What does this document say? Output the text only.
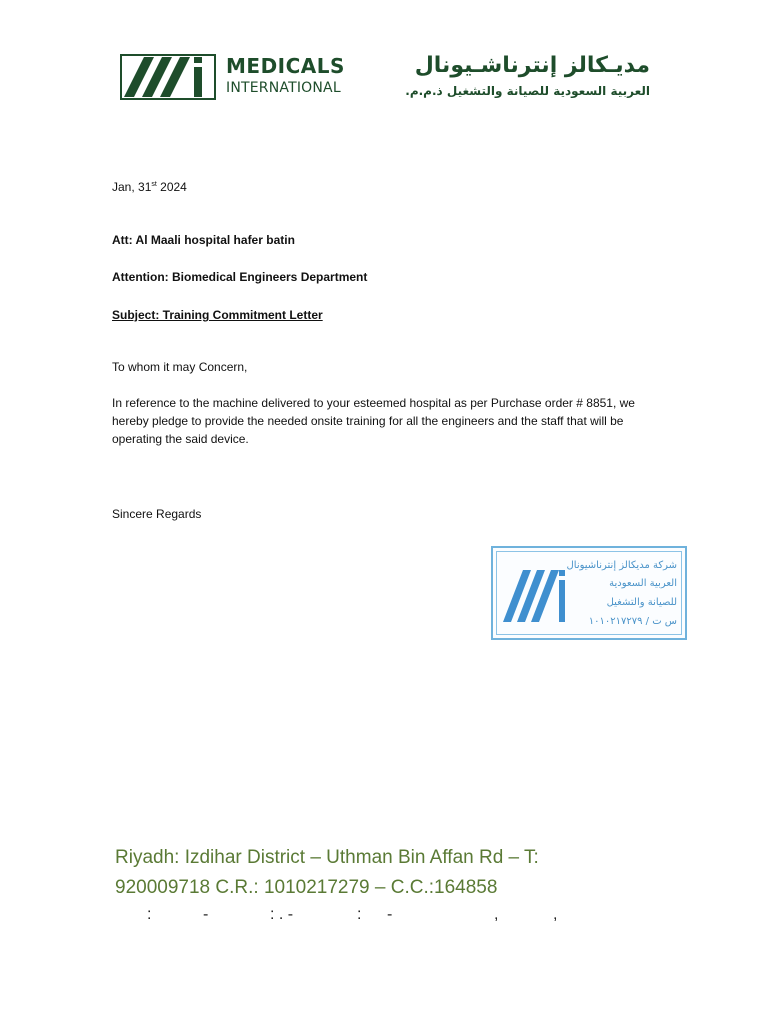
MEDICALS
INTERNATIONAL
مديـكالز إنترناشـيونال
العربية السعودية للصيانة والتشغيل ذ.م.م.
Jan, 31st 2024
Att: Al Maali hospital hafer batin
Attention: Biomedical Engineers Department
Subject: Training Commitment Letter
To whom it may Concern,
In reference to the machine delivered to your esteemed hospital as per Purchase order # 8851, we hereby pledge to provide the needed onsite training for all the engineers and the staff that will be operating the said device.
Sincere Regards
شركة مديكالز إنترناشيونال
العربية السعودية
للصيانة والتشغيل
س ت / ١٠١٠٢١٧٢٧٩
Riyadh: Izdihar District – Uthman Bin Affan Rd – T:
920009718 C.R.: 1010217279 – C.C.:164858
:	-	: . -	: -	,	,
